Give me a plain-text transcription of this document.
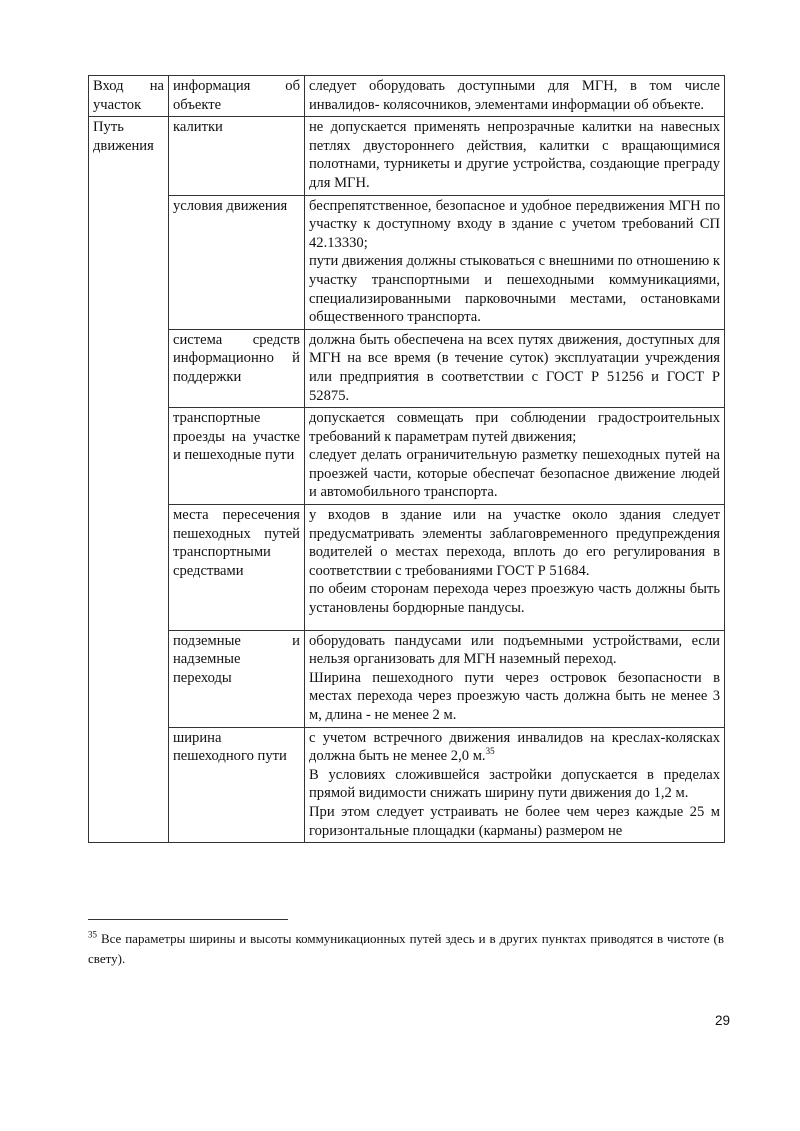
Вход на участок	информация об объекте	следует оборудовать доступными для МГН, в том числе инвалидов- колясочников, элементами информации об объекте.

Путь движения	калитки	не допускается применять непрозрачные калитки на навесных петлях двустороннего действия, калитки с вращающимися полотнами, турникеты и другие устройства, создающие преграду для МГН.

	условия движения	беспрепятственное, безопасное и удобное передвижения МГН по участку к доступному входу в здание с учетом требований СП 42.13330;
пути движения должны стыковаться с внешними по отношению к участку транспортными и пешеходными коммуникациями, специализированными парковочными местами, остановками общественного транспорта.

	система средств информационно й поддержки	должна быть обеспечена на всех путях движения, доступных для МГН на все время (в течение суток) эксплуатации учреждения или предприятия в соответствии с ГОСТ Р 51256 и ГОСТ Р 52875.

	транспортные проезды на участке и пешеходные пути	допускается совмещать при соблюдении градостроительных требований к параметрам путей движения;
следует делать ограничительную разметку пешеходных путей на проезжей части, которые обеспечат безопасное движение людей и автомобильного транспорта.

	места пересечения пешеходных путей транспортными средствами	у входов в здание или на участке около здания следует предусматривать элементы заблаговременного предупреждения водителей о местах перехода, вплоть до его регулирования в соответствии с требованиями ГОСТ Р 51684.
по обеим сторонам перехода через проезжую часть должны быть установлены бордюрные пандусы.

	подземные и надземные переходы	оборудовать пандусами или подъемными устройствами, если нельзя организовать для МГН наземный переход.
Ширина пешеходного пути через островок безопасности в местах перехода через проезжую часть должна быть не менее 3 м, длина - не менее 2 м.

	ширина пешеходного пути	с учетом встречного движения инвалидов на креслах-колясках должна быть не менее 2,0 м.$^{35}$
В условиях сложившейся застройки допускается в пределах прямой видимости снижать ширину пути движения до 1,2 м.
При этом следует устраивать не более чем через каждые 25 м горизонтальные площадки (карманы) размером не
$^{35}$ Все параметры ширины и высоты коммуникационных путей здесь и в других пунктах приводятся в чистоте (в свету).
29
